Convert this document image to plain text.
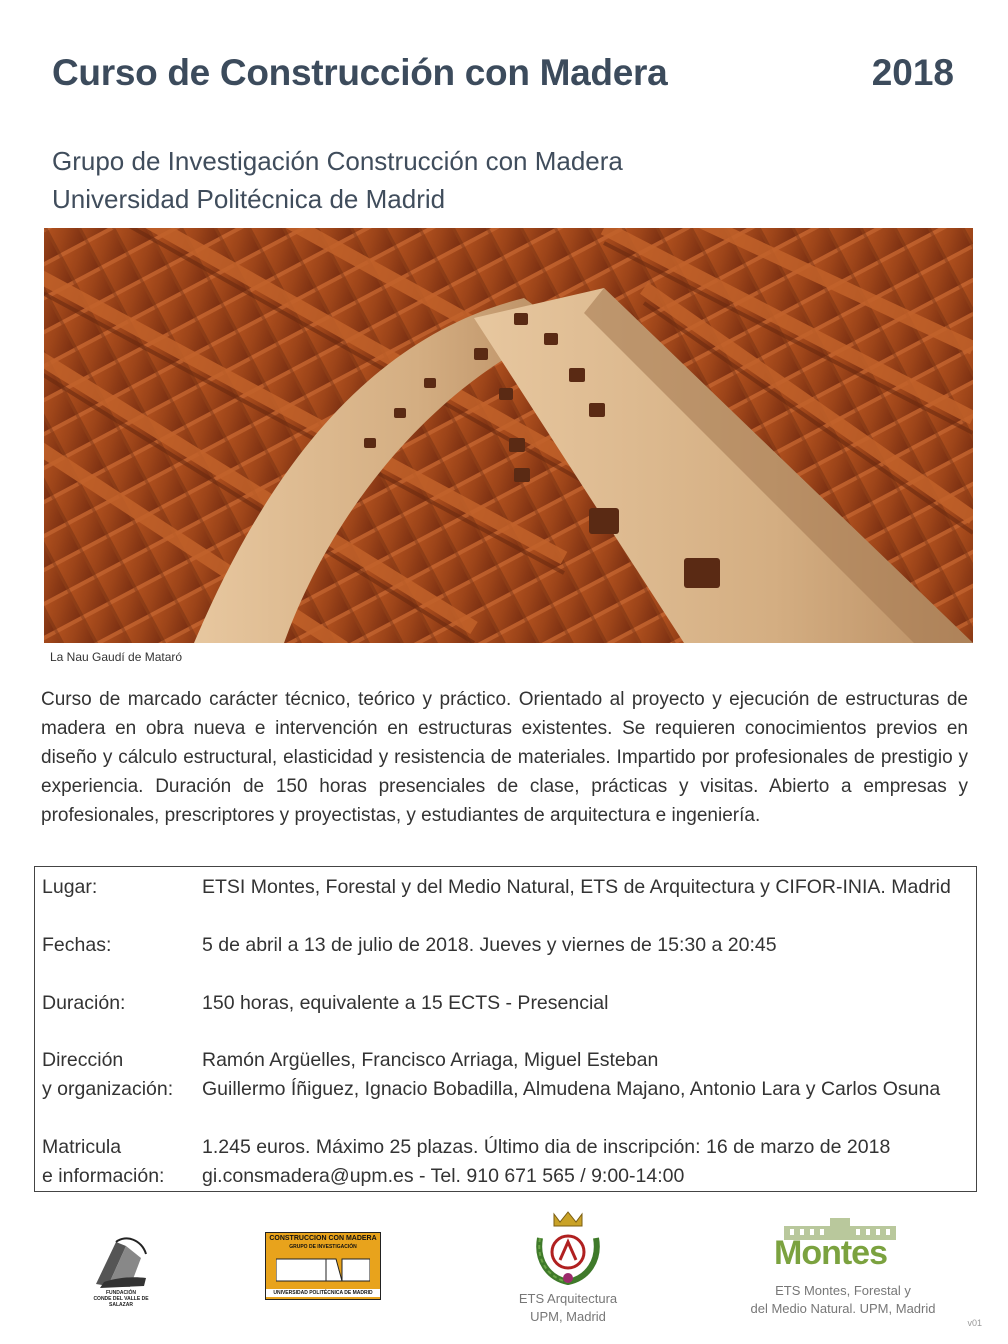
Curso de Construcción con Madera	2018
Grupo de Investigación Construcción con Madera
Universidad Politécnica de Madrid
La Nau Gaudí de Mataró
Curso de marcado carácter técnico, teórico y práctico. Orientado al proyecto y ejecución de estructuras de madera en obra nueva e intervención en estructuras existentes. Se requieren conocimientos previos en diseño y cálculo estructural, elasticidad y resistencia de materiales. Impartido por profesionales de prestigio y experiencia. Duración de 150 horas presenciales de clase, prácticas y visitas. Abierto a empresas y profesionales, prescriptores y proyectistas, y estudiantes de arquitectura e ingeniería.
Lugar:	ETSI Montes, Forestal y del Medio Natural, ETS de Arquitectura y CIFOR-INIA. Madrid
Fechas:	5 de abril a 13 de julio de 2018. Jueves y viernes de 15:30 a 20:45
Duración:	150 horas, equivalente a 15 ECTS - Presencial
Dirección	Ramón Argüelles, Francisco Arriaga, Miguel Esteban
y organización:	Guillermo Íñiguez, Ignacio Bobadilla, Almudena Majano, Antonio Lara y Carlos Osuna
Matricula	1.245 euros. Máximo 25 plazas. Último dia de inscripción: 16 de marzo de 2018
e información:	gi.consmadera@upm.es - Tel. 910 671 565 / 9:00-14:00
FUNDACIÓN
CONDE DEL VALLE DE SALAZAR
CONSTRUCCION CON MADERA
GRUPO DE INVESTIGACIÓN
UNIVERSIDAD POLITÉCNICA DE MADRID	ETS Arquitectura
UPM, Madrid
Montes
ETS Montes, Forestal y
del Medio Natural. UPM, Madrid
v01
